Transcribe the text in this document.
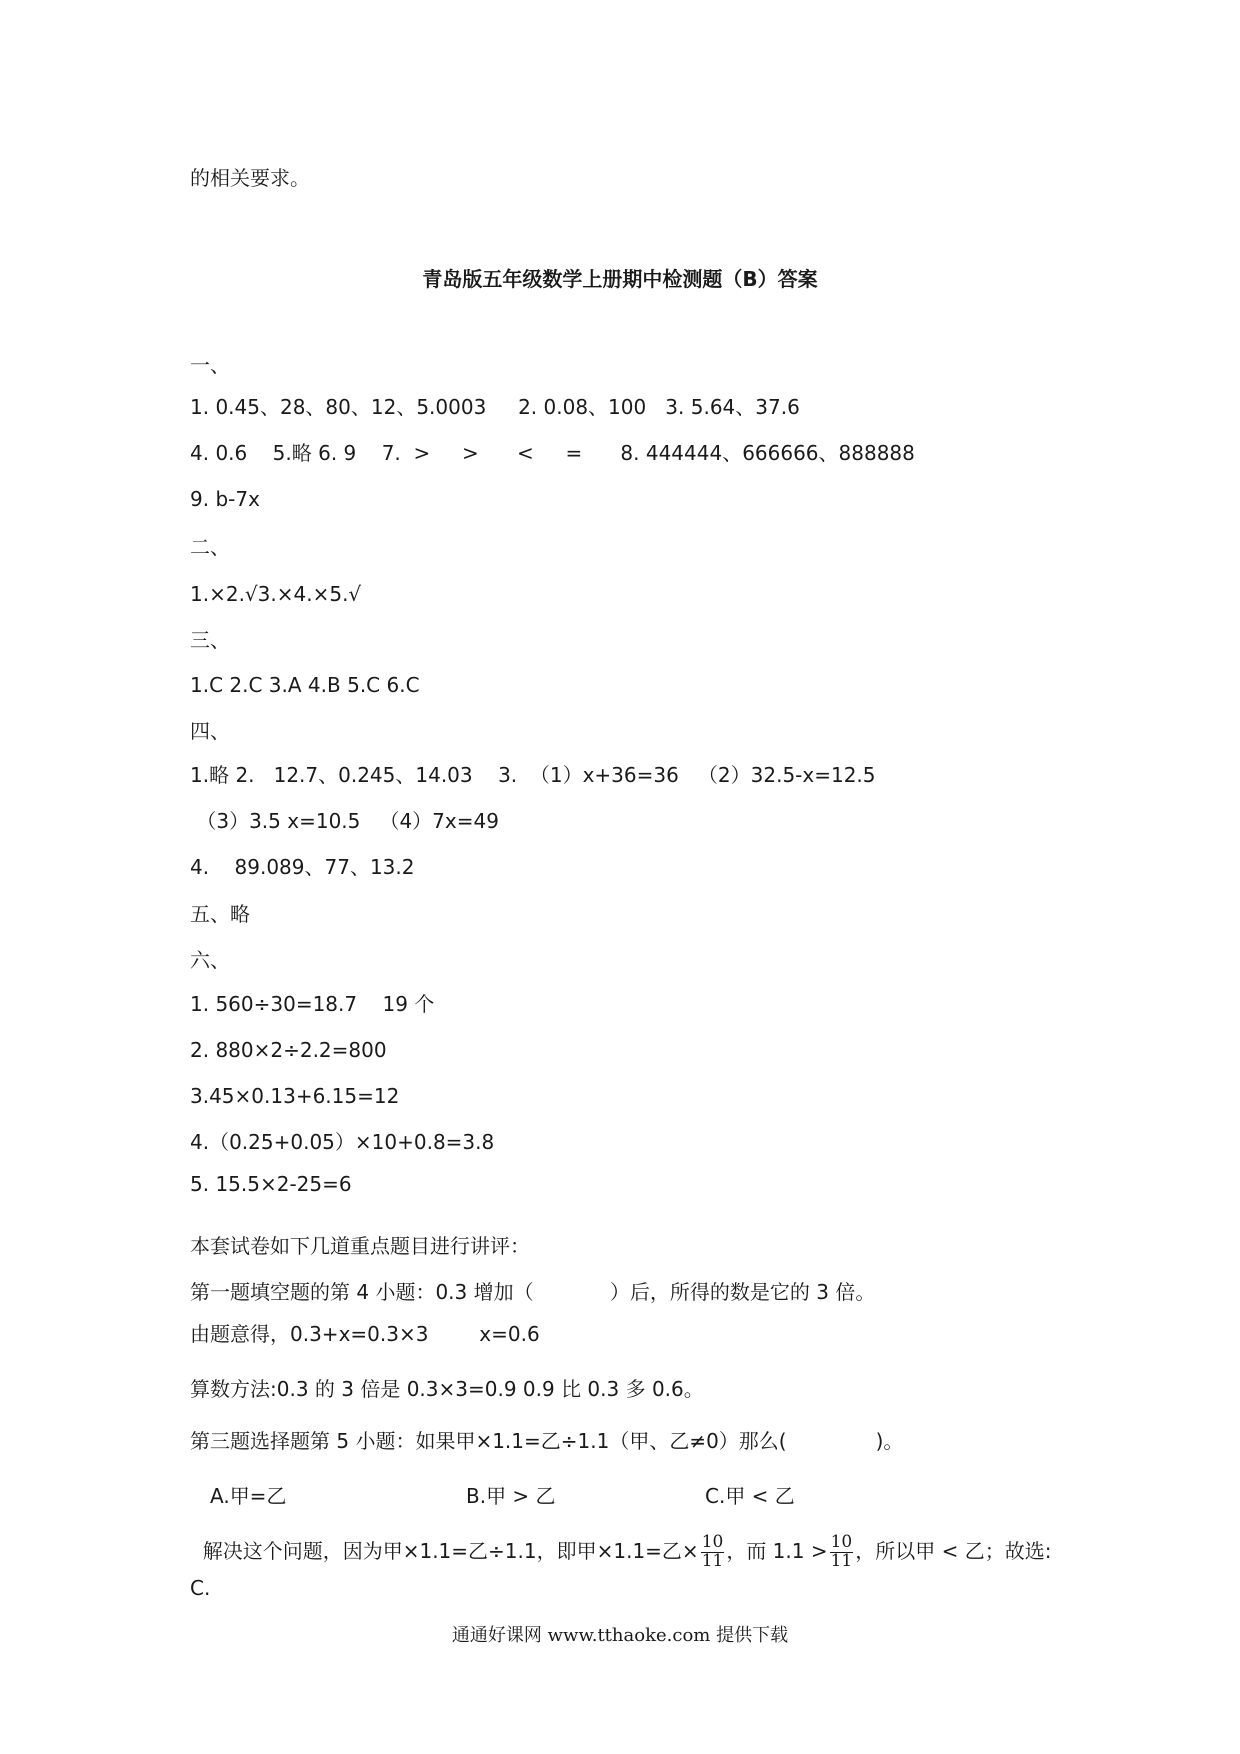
的相关要求。
青岛版五年级数学上册期中检测题（B）答案
一、
1. 0.45、28、80、12、5.0003     2. 0.08、100   3. 5.64、37.6
4. 0.6    5.略 6. 9    7.  >     >      <     =      8. 444444、666666、888888
9. b-7x
二、
1.×2.√3.×4.×5.√
三、
1.C 2.C 3.A 4.B 5.C 6.C
四、
1.略 2.   12.7、0.245、14.03    3.  （1）x+36=36   （2）32.5-x=12.5
（3）3.5 x=10.5   （4）7x=49
4.    89.089、77、13.2
五、略
六、
1. 560÷30=18.7    19 个
2. 880×2÷2.2=800
3.45×0.13+6.15=12
4.（0.25+0.05）×10+0.8=3.8
5. 15.5×2-25=6
本套试卷如下几道重点题目进行讲评：
第一题填空题的第 4 小题：0.3 增加（            ）后，所得的数是它的 3 倍。
由题意得，0.3+x=0.3×3        x=0.6
算数方法:0.3 的 3 倍是 0.3×3=0.9 0.9 比 0.3 多 0.6。
第三题选择题第 5 小题：如果甲×1.1=乙÷1.1（甲、乙≠0）那么(              )。
A.甲=乙	B.甲 > 乙	C.甲 < 乙

解决这个问题，因为甲×1.1=乙÷1.1，即甲×1.1=乙× $\frac{10}{11}$ ，而 $1.1 > \frac{10}{11}$ ，所以甲 < 乙；故选:

C.
通通好课网 www.tthaoke.com 提供下载
